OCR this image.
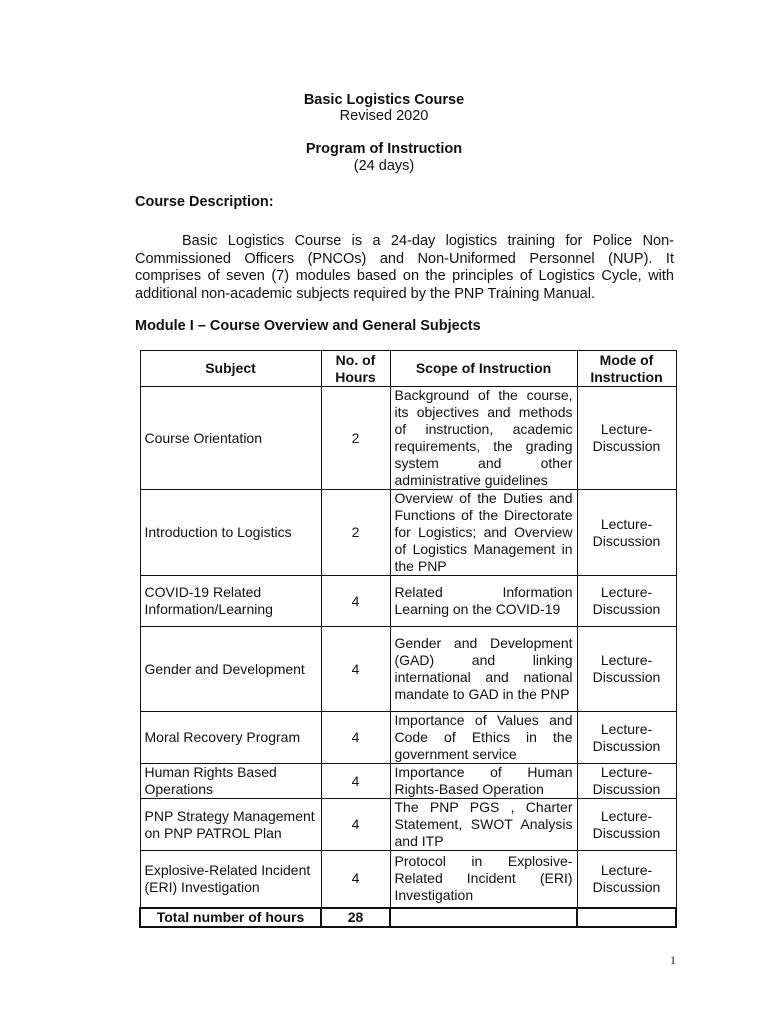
Basic Logistics Course
Revised 2020
Program of Instruction
(24 days)
Course Description:

Basic Logistics Course is a 24-day logistics training for Police Non-Commissioned Officers (PNCOs) and Non-Uniformed Personnel (NUP). It comprises of seven (7) modules based on the principles of Logistics Cycle, with additional non-academic subjects required by the PNP Training Manual.

Module I – Course Overview and General Subjects
Subject	No. of Hours	Scope of Instruction	Mode of Instruction
Course Orientation	2	Background of the course, its objectives and methods of instruction, academic requirements, the grading system and other administrative guidelines	Lecture-Discussion
Introduction to Logistics	2	Overview of the Duties and Functions of the Directorate for Logistics; and Overview of Logistics Management in the PNP	Lecture-Discussion
COVID-19 Related Information/Learning	4	Related Information Learning on the COVID-19	Lecture-Discussion
Gender and Development	4	Gender and Development (GAD) and linking international and national mandate to GAD in the PNP	Lecture-Discussion
Moral Recovery Program	4	Importance of Values and Code of Ethics in the government service	Lecture-Discussion
Human Rights Based Operations	4	Importance of Human Rights-Based Operation	Lecture-Discussion
PNP Strategy Management on PNP PATROL Plan	4	The PNP PGS , Charter Statement, SWOT Analysis and ITP	Lecture-Discussion
Explosive-Related Incident (ERI) Investigation	4	Protocol in Explosive-Related Incident (ERI) Investigation	Lecture-Discussion
Total number of hours	28		
1
